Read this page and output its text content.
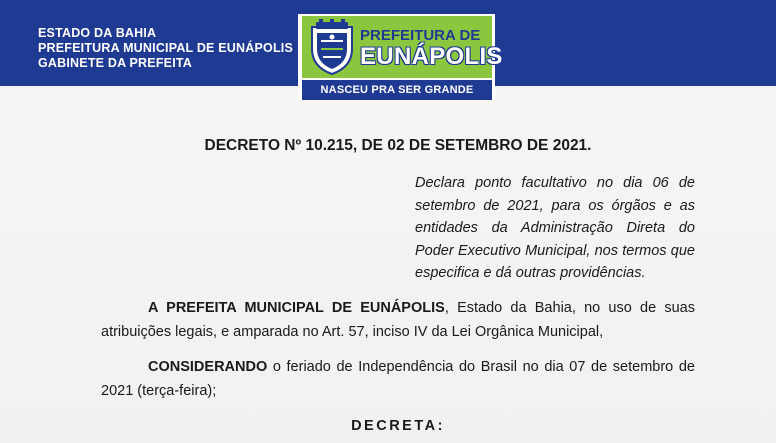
ESTADO DA BAHIA
PREFEITURA MUNICIPAL DE EUNÁPOLIS
GABINETE DA PREFEITA
PREFEITURA DE
EUNÁPOLIS
NASCEU PRA SER GRANDE
DECRETO Nº 10.215, DE 02 DE SETEMBRO DE 2021.
Declara ponto facultativo no dia 06 de setembro de 2021, para os órgãos e as entidades da Administração Direta do Poder Executivo Municipal, nos termos que especifica e dá outras providências.
A PREFEITA MUNICIPAL DE EUNÁPOLIS, Estado da Bahia, no uso de suas atribuições legais, e amparada no Art. 57, inciso IV da Lei Orgânica Municipal,
CONSIDERANDO o feriado de Independência do Brasil no dia 07 de setembro de 2021 (terça-feira);
DECRETA:
